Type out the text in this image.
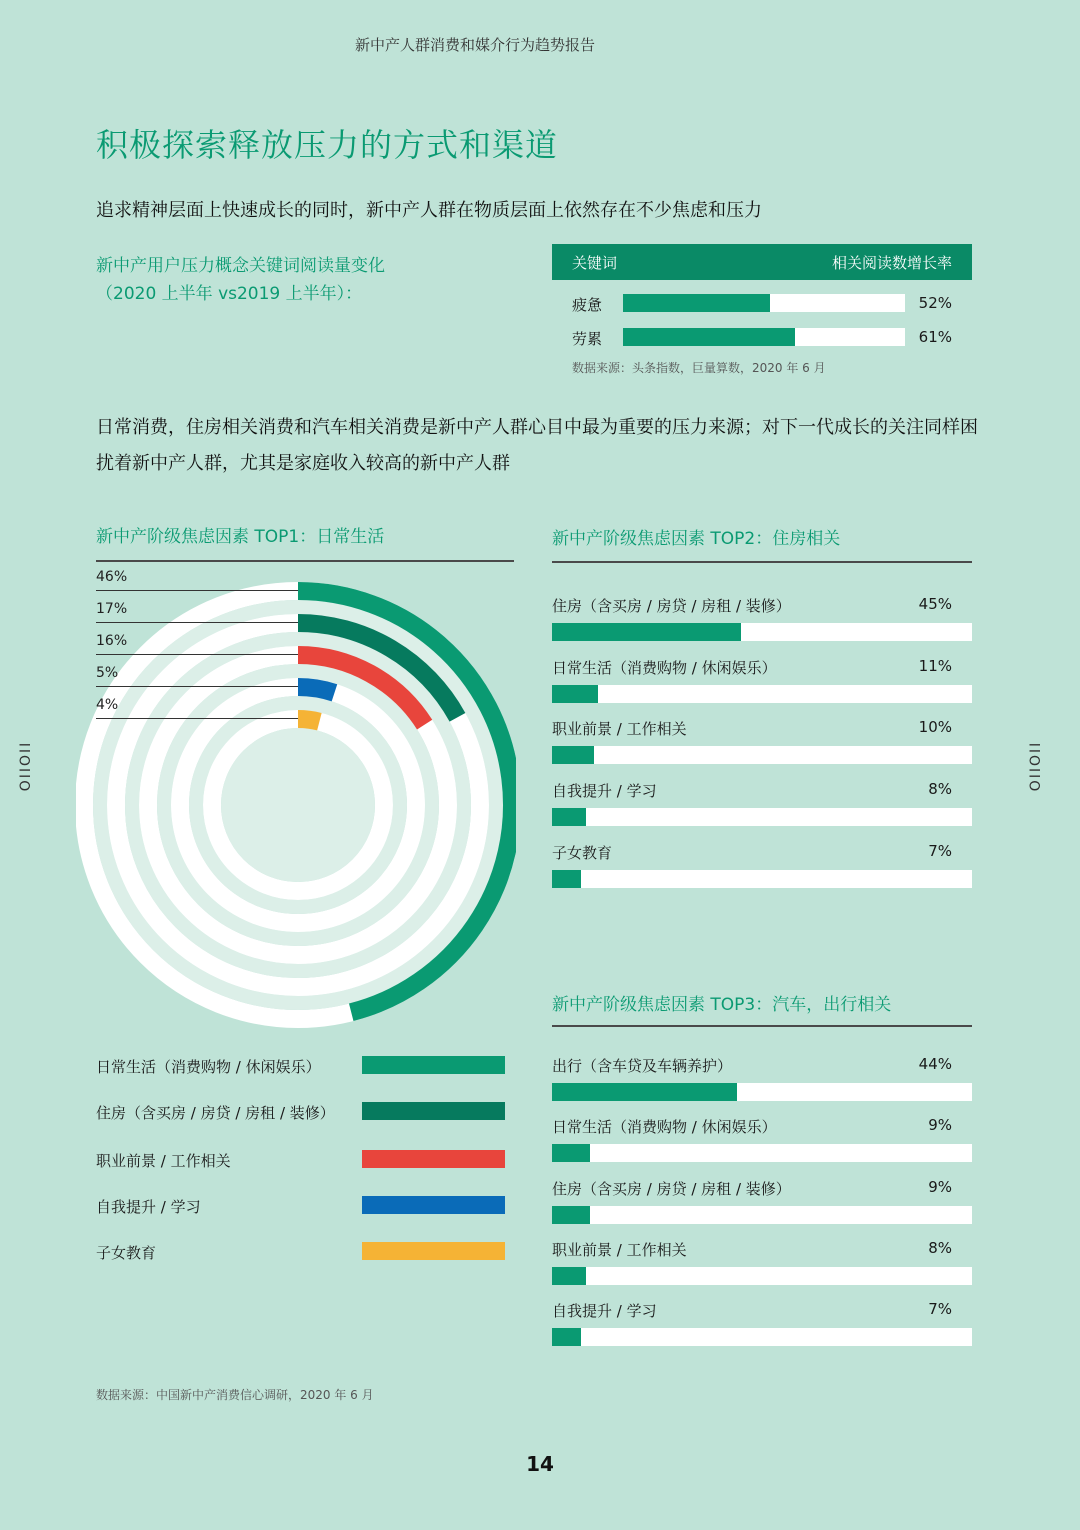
新中产人群消费和媒介行为趋势报告
积极探索释放压力的方式和渠道
追求精神层面上快速成长的同时，新中产人群在物质层面上依然存在不少焦虑和压力
新中产用户压力概念关键词阅读量变化
（2020 上半年 vs2019 上半年）：
关键词	相关阅读数增长率
疲惫	52%
劳累	61%
数据来源：头条指数，巨量算数，2020 年 6 月
日常消费，住房相关消费和汽车相关消费是新中产人群心目中最为重要的压力来源；对下一代成长的关注同样困扰着新中产人群，尤其是家庭收入较高的新中产人群
新中产阶级焦虑因素 TOP1：日常生活
46%
17%
16%
5%
4%
日常生活（消费购物 / 休闲娱乐）
住房（含买房 / 房贷 / 房租 / 装修）
职业前景 / 工作相关
自我提升 / 学习
子女教育
新中产阶级焦虑因素 TOP2：住房相关
住房（含买房 / 房贷 / 房租 / 装修）	45%
日常生活（消费购物 / 休闲娱乐）	11%
职业前景 / 工作相关	10%
自我提升 / 学习	8%
子女教育	7%
新中产阶级焦虑因素 TOP3：汽车，出行相关
出行（含车贷及车辆养护）	44%
日常生活（消费购物 / 休闲娱乐）	9%
住房（含买房 / 房贷 / 房租 / 装修）	9%
职业前景 / 工作相关	8%
自我提升 / 学习	7%
IIOIIO	IIOIIO
数据来源：中国新中产消费信心调研，2020 年 6 月
14
